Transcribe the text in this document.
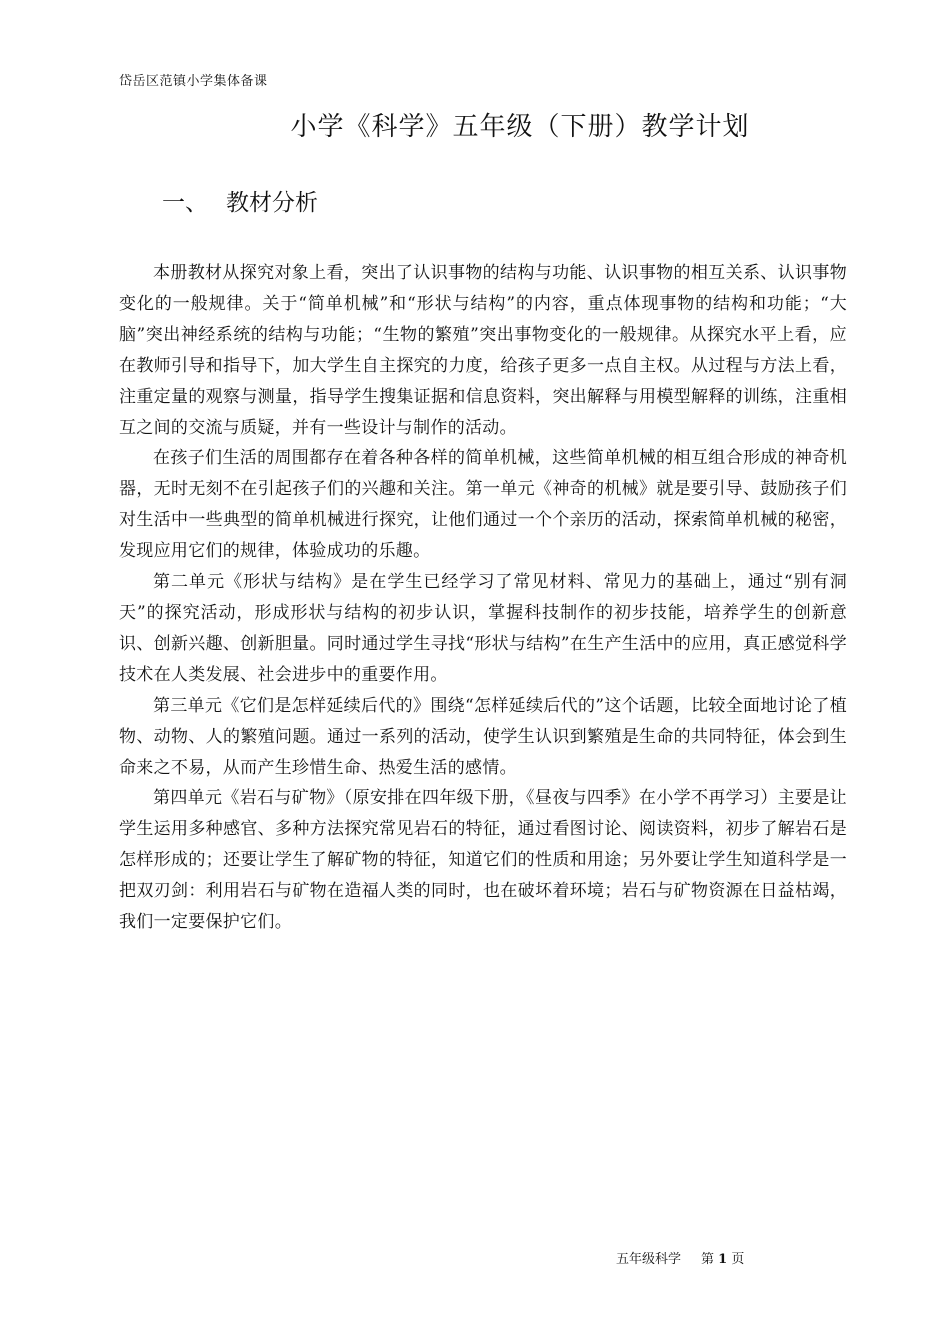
岱岳区范镇小学集体备课
小学《科学》五年级（下册）教学计划
一、 教材分析

本册教材从探究对象上看，突出了认识事物的结构与功能、认识事物的相互关系、认识事物变化的一般规律。关于“简单机械”和“形状与结构”的内容，重点体现事物的结构和功能；“大脑”突出神经系统的结构与功能；“生物的繁殖”突出事物变化的一般规律。从探究水平上看，应在教师引导和指导下，加大学生自主探究的力度，给孩子更多一点自主权。从过程与方法上看，注重定量的观察与测量，指导学生搜集证据和信息资料，突出解释与用模型解释的训练，注重相互之间的交流与质疑，并有一些设计与制作的活动。

在孩子们生活的周围都存在着各种各样的简单机械，这些简单机械的相互组合形成的神奇机器，无时无刻不在引起孩子们的兴趣和关注。第一单元《神奇的机械》就是要引导、鼓励孩子们对生活中一些典型的简单机械进行探究，让他们通过一个个亲历的活动，探索简单机械的秘密，发现应用它们的规律，体验成功的乐趣。

第二单元《形状与结构》是在学生已经学习了常见材料、常见力的基础上，通过“别有洞天”的探究活动，形成形状与结构的初步认识，掌握科技制作的初步技能，培养学生的创新意识、创新兴趣、创新胆量。同时通过学生寻找“形状与结构”在生产生活中的应用，真正感觉科学技术在人类发展、社会进步中的重要作用。

第三单元《它们是怎样延续后代的》围绕“怎样延续后代的”这个话题，比较全面地讨论了植物、动物、人的繁殖问题。通过一系列的活动，使学生认识到繁殖是生命的共同特征，体会到生命来之不易，从而产生珍惜生命、热爱生活的感情。

第四单元《岩石与矿物》（原安排在四年级下册，《昼夜与四季》在小学不再学习）主要是让学生运用多种感官、多种方法探究常见岩石的特征，通过看图讨论、阅读资料，初步了解岩石是怎样形成的；还要让学生了解矿物的特征，知道它们的性质和用途；另外要让学生知道科学是一把双刃剑：利用岩石与矿物在造福人类的同时，也在破坏着环境；岩石与矿物资源在日益枯竭，我们一定要保护它们。

五年级科学 第 1 页
